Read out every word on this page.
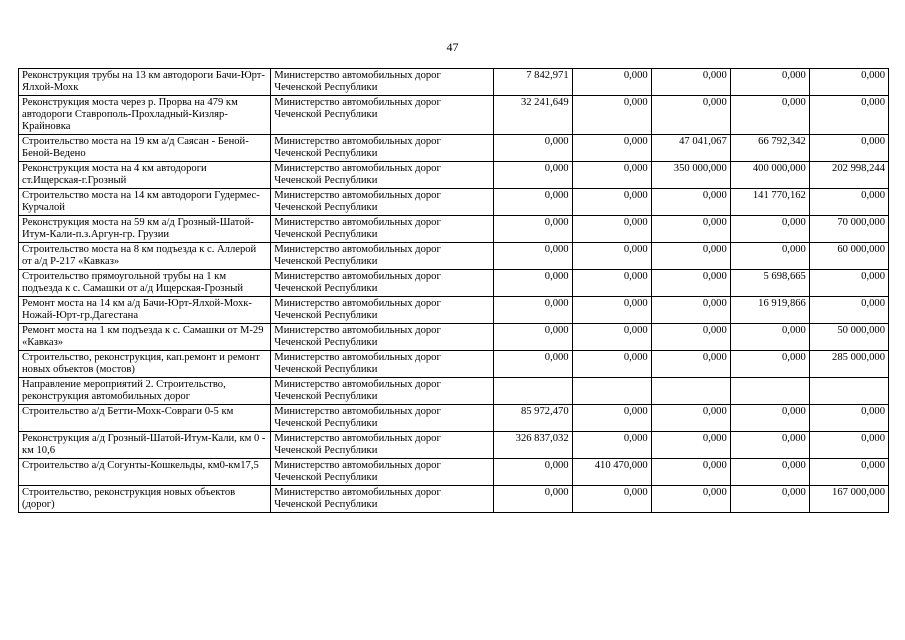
47
Реконструкция трубы на 13 км автодороги Бачи-Юрт-Ялхой-Мохк	Министерство автомобильных дорог Чеченской Республики	7 842,971	0,000	0,000	0,000	0,000
Реконструкция моста через р. Прорва на 479 км автодороги Ставрополь-Прохладный-Кизляр-Крайновка	Министерство автомобильных дорог Чеченской Республики	32 241,649	0,000	0,000	0,000	0,000
Строительство моста на 19 км а/д Саясан - Беной-Беной-Ведено	Министерство автомобильных дорог Чеченской Республики	0,000	0,000	47 041,067	66 792,342	0,000
Реконструкция моста на 4 км автодороги ст.Ищерская-г.Грозный	Министерство автомобильных дорог Чеченской Республики	0,000	0,000	350 000,000	400 000,000	202 998,244
Строительство моста на 14 км автодороги Гудермес-Курчалой	Министерство автомобильных дорог Чеченской Республики	0,000	0,000	0,000	141 770,162	0,000
Реконструкция моста на 59 км а/д Грозный-Шатой-Итум-Кали-п.з.Аргун-гр. Грузии	Министерство автомобильных дорог Чеченской Республики	0,000	0,000	0,000	0,000	70 000,000
Строительство моста на 8 км подъезда к с. Аллерой от а/д Р-217 «Кавказ»	Министерство автомобильных дорог Чеченской Республики	0,000	0,000	0,000	0,000	60 000,000
Строительство прямоугольной трубы на 1 км подъезда к с. Самашки от а/д Ищерская-Грозный	Министерство автомобильных дорог Чеченской Республики	0,000	0,000	0,000	5 698,665	0,000
Ремонт моста на 14 км а/д Бачи-Юрт-Ялхой-Мохк-Ножай-Юрт-гр.Дагестана	Министерство автомобильных дорог Чеченской Республики	0,000	0,000	0,000	16 919,866	0,000
Ремонт моста на 1 км подъезда к с. Самашки от М-29 «Кавказ»	Министерство автомобильных дорог Чеченской Республики	0,000	0,000	0,000	0,000	50 000,000
Строительство, реконструкция, кап.ремонт и ремонт новых объектов (мостов)	Министерство автомобильных дорог Чеченской Республики	0,000	0,000	0,000	0,000	285 000,000
Направление мероприятий 2. Строительство, реконструкция автомобильных дорог	Министерство автомобильных дорог Чеченской Республики					
Строительство а/д Бетти-Мохк-Совраги 0-5 км	Министерство автомобильных дорог Чеченской Республики	85 972,470	0,000	0,000	0,000	0,000
Реконструкция а/д Грозный-Шатой-Итум-Кали, км 0 - км 10,6	Министерство автомобильных дорог Чеченской Республики	326 837,032	0,000	0,000	0,000	0,000
Строительство а/д Согунты-Кошкельды, км0-км17,5	Министерство автомобильных дорог Чеченской Республики	0,000	410 470,000	0,000	0,000	0,000
Строительство, реконструкция новых объектов (дорог)	Министерство автомобильных дорог Чеченской Республики	0,000	0,000	0,000	0,000	167 000,000
